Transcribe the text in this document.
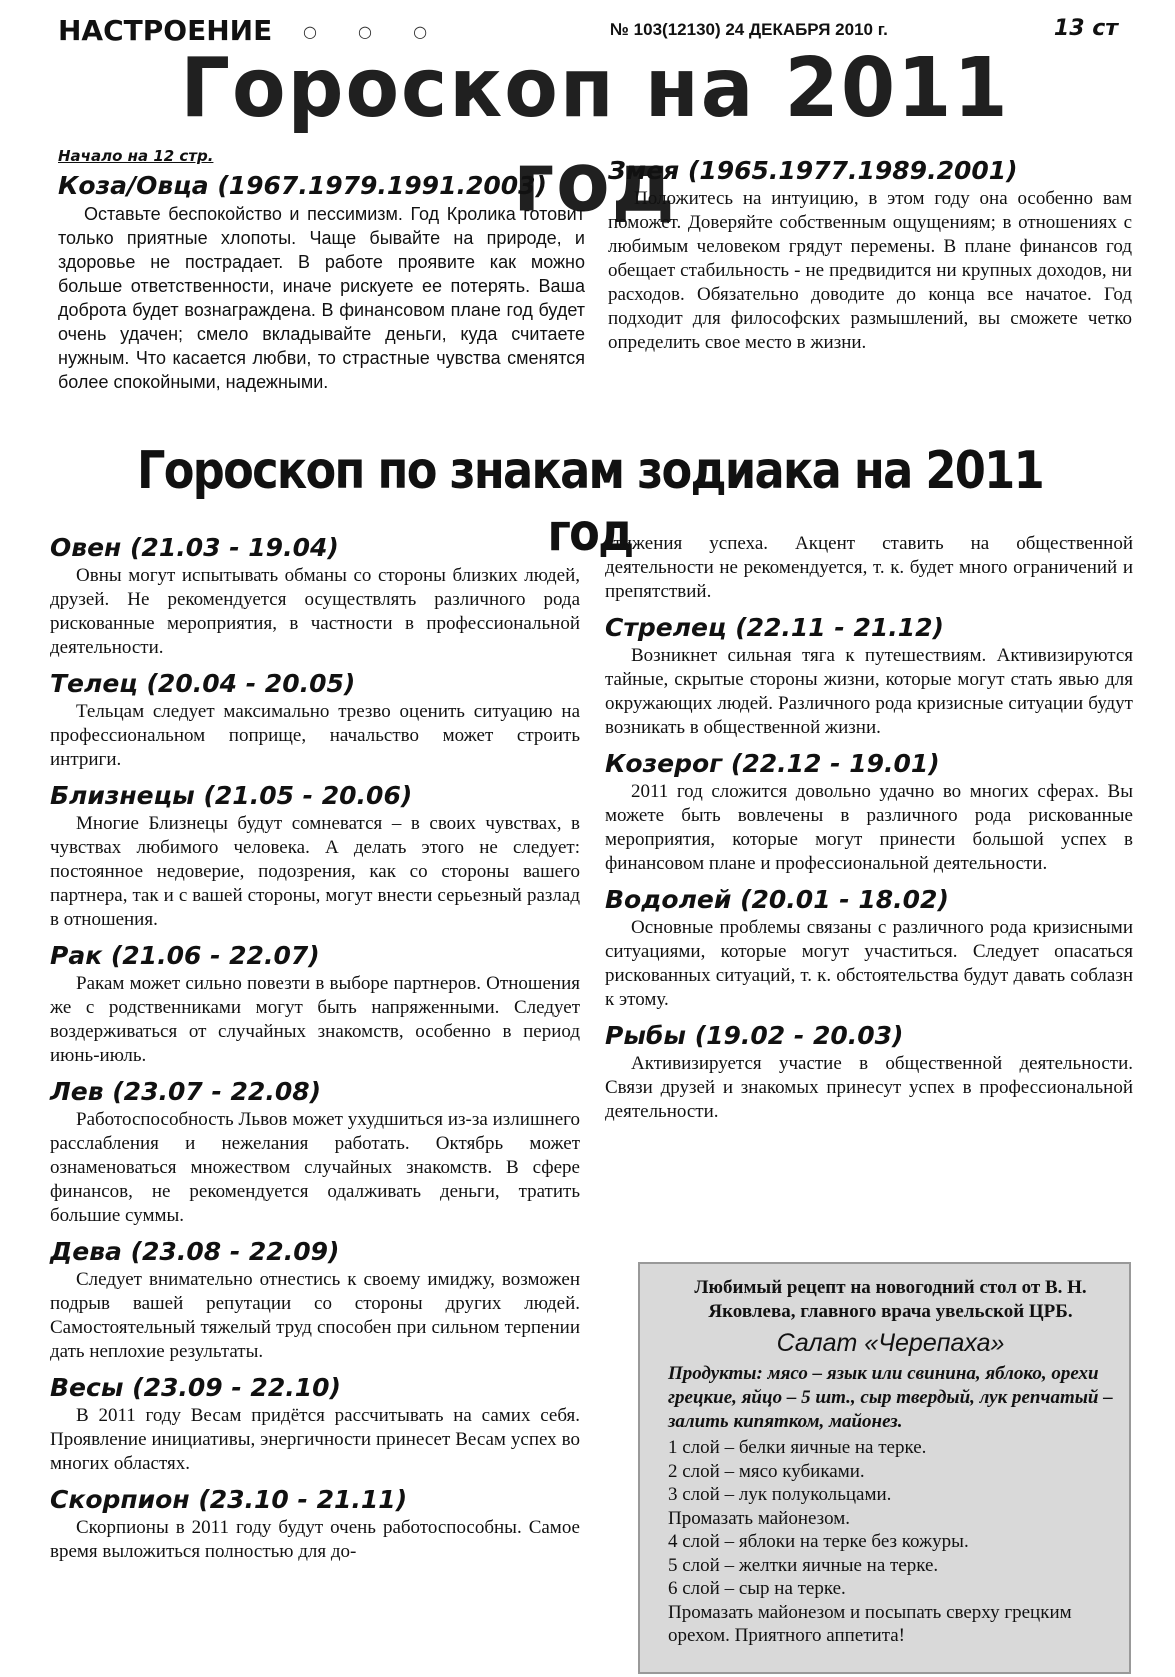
НАСТРОЕНИЕ ○ ○ ○	№ 103(12130) 24 ДЕКАБРЯ 2010 г.	13 ст
Гороскоп на 2011 год
Начало на 12 стр.
Коза/Овца (1967.1979.1991.2003)
Оставьте беспокойство и пессимизм. Год Кролика готовит только приятные хлопоты. Чаще бывайте на природе, и здоровье не пострадает. В работе проявите как можно больше ответственности, иначе рискуете ее потерять. Ваша доброта будет вознаграждена. В финансовом плане год будет очень удачен; смело вкладывайте деньги, куда считаете нужным. Что касается любви, то страстные чувства сменятся более спокойными, надежными.
Змея (1965.1977.1989.2001)
Положитесь на интуицию, в этом году она особенно вам поможет. Доверяйте собственным ощущениям; в отношениях с любимым человеком грядут перемены. В плане финансов год обещает стабильность - не предвидится ни крупных доходов, ни расходов. Обязательно доводите до конца все начатое. Год подходит для философских размышлений, вы сможете четко определить свое место в жизни.
Гороскоп по знакам зодиака на 2011 год
Овен (21.03 - 19.04)
Овны могут испытывать обманы со стороны близких людей, друзей. Не рекомендуется осуществлять различного рода рискованные мероприятия, в частности в профессиональной деятельности.
Телец (20.04 - 20.05)
Тельцам следует максимально трезво оценить ситуацию на профессиональном поприще, начальство может строить интриги.
Близнецы (21.05 - 20.06)
Многие Близнецы будут сомневатся – в своих чувствах, в чувствах любимого человека. А делать этого не следует: постоянное недоверие, подозрения, как со стороны вашего партнера, так и с вашей стороны, могут внести серьезный разлад в отношения.
Рак (21.06 - 22.07)
Ракам может сильно повезти в выборе партнеров. Отношения же с родственниками могут быть напряженными. Следует воздерживаться от случайных знакомств, особенно в период июнь-июль.
Лев (23.07 - 22.08)
Работоспособность Львов может ухудшиться из-за излишнего расслабления и нежелания работать. Октябрь может ознаменоваться множеством случайных знакомств. В сфере финансов, не рекомендуется одалживать деньги, тратить большие суммы.
Дева (23.08 - 22.09)
Следует внимательно отнестись к своему имиджу, возможен подрыв вашей репутации со стороны других людей. Самостоятельный тяжелый труд способен при сильном терпении дать неплохие результаты.
Весы (23.09 - 22.10)
В 2011 году Весам придётся рассчитывать на самих себя. Проявление инициативы, энергичности принесет Весам успех во многих областях.
Скорпион (23.10 - 21.11)
Скорпионы в 2011 году будут очень работоспособны. Самое время выложиться полностью для до-
стижения успеха. Акцент ставить на общественной деятельности не рекомендуется, т. к. будет много ограничений и препятствий.
Стрелец (22.11 - 21.12)
Возникнет сильная тяга к путешествиям. Активизируются тайные, скрытые стороны жизни, которые могут стать явью для окружающих людей. Различного рода кризисные ситуации будут возникать в общественной жизни.
Козерог (22.12 - 19.01)
2011 год сложится довольно удачно во многих сферах. Вы можете быть вовлечены в различного рода рискованные мероприятия, которые могут принести большой успех в финансовом плане и профессиональной деятельности.
Водолей (20.01 - 18.02)
Основные проблемы связаны с различного рода кризисными ситуациями, которые могут участиться. Следует опасаться рискованных ситуаций, т. к. обстоятельства будут давать соблазн к этому.
Рыбы (19.02 - 20.03)
Активизируется участие в общественной деятельности. Связи друзей и знакомых принесут успех в профессиональной деятельности.
Любимый рецепт на новогодний стол от В. Н. Яковлева, главного врача увельской ЦРБ.
Салат «Черепаха»
Продукты: мясо – язык или свинина, яблоко, орехи грецкие, яйцо – 5 шт., сыр твердый, лук репчатый – залить кипятком, майонез.
1 слой – белки яичные на терке.
2 слой – мясо кубиками.
3 слой – лук полукольцами.
Промазать майонезом.
4 слой – яблоки на терке без кожуры.
5 слой – желтки яичные на терке.
6 слой – сыр на терке.
Промазать майонезом и посыпать сверху грецким орехом. Приятного аппетита!
